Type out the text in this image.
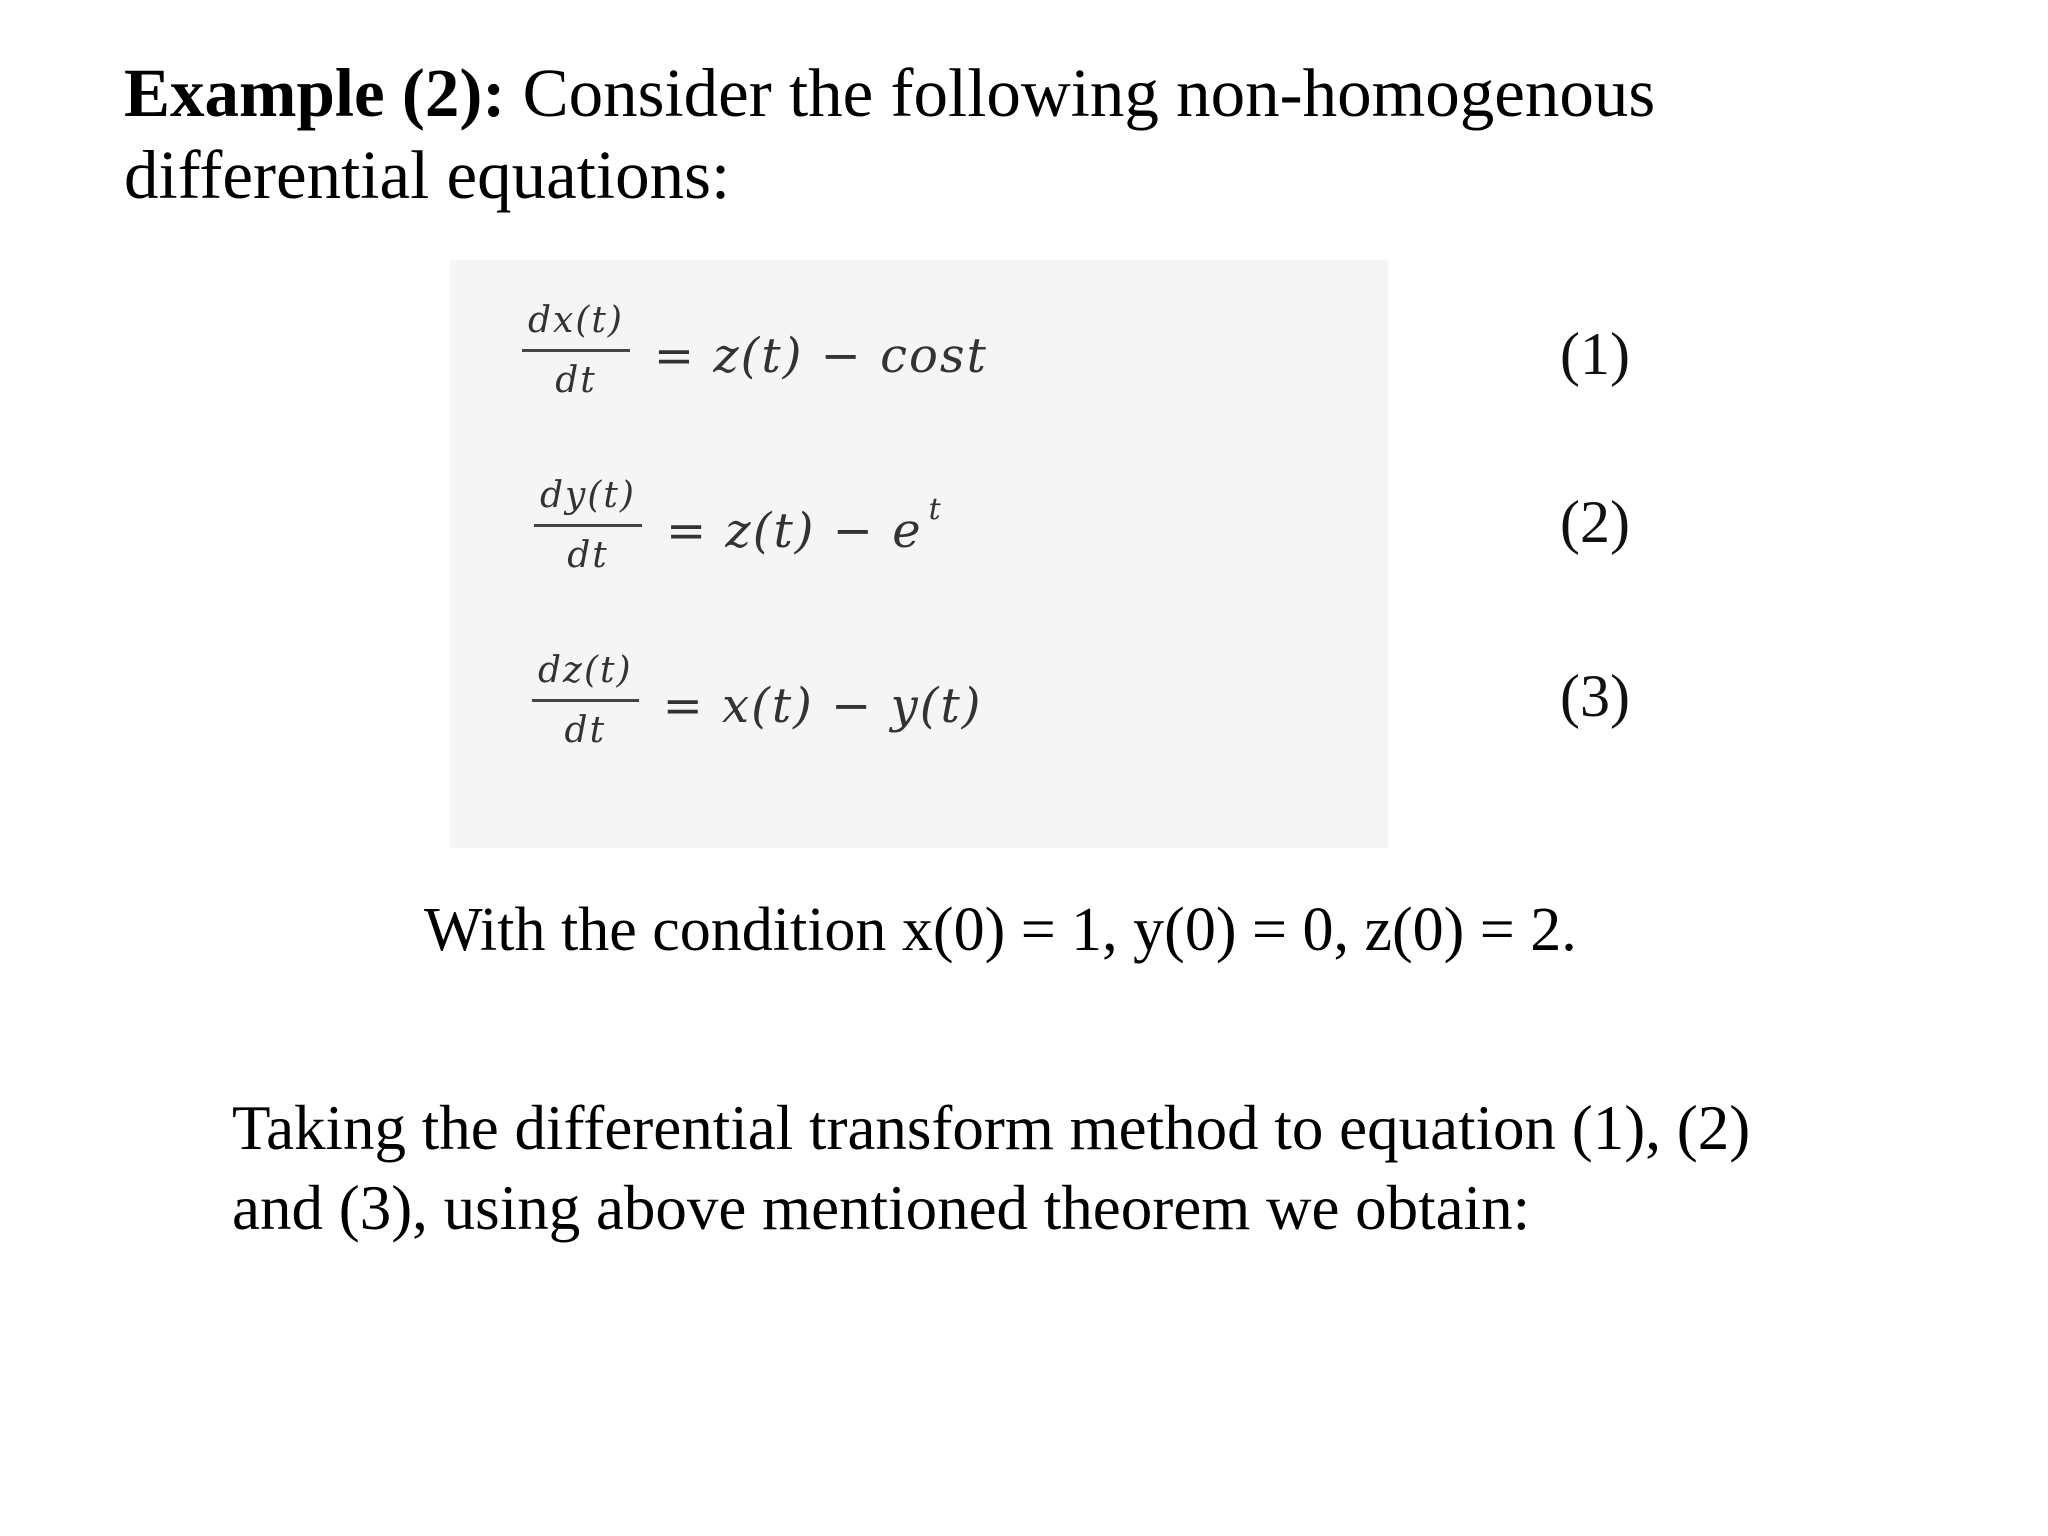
Example (2): Consider the following non-homogenous differential equations:
$\frac{dx(t)}{dt} = z(t) - \cos t$
$\frac{dy(t)}{dt} = z(t) - e$ $^t$
$\frac{dz(t)}{dt} = x(t) - y(t)$
(1)
(2)
(3)
With the condition x(0) = 1, y(0) = 0, z(0) = 2.
Taking the differential transform method to equation (1), (2) and (3), using above mentioned theorem we obtain:
